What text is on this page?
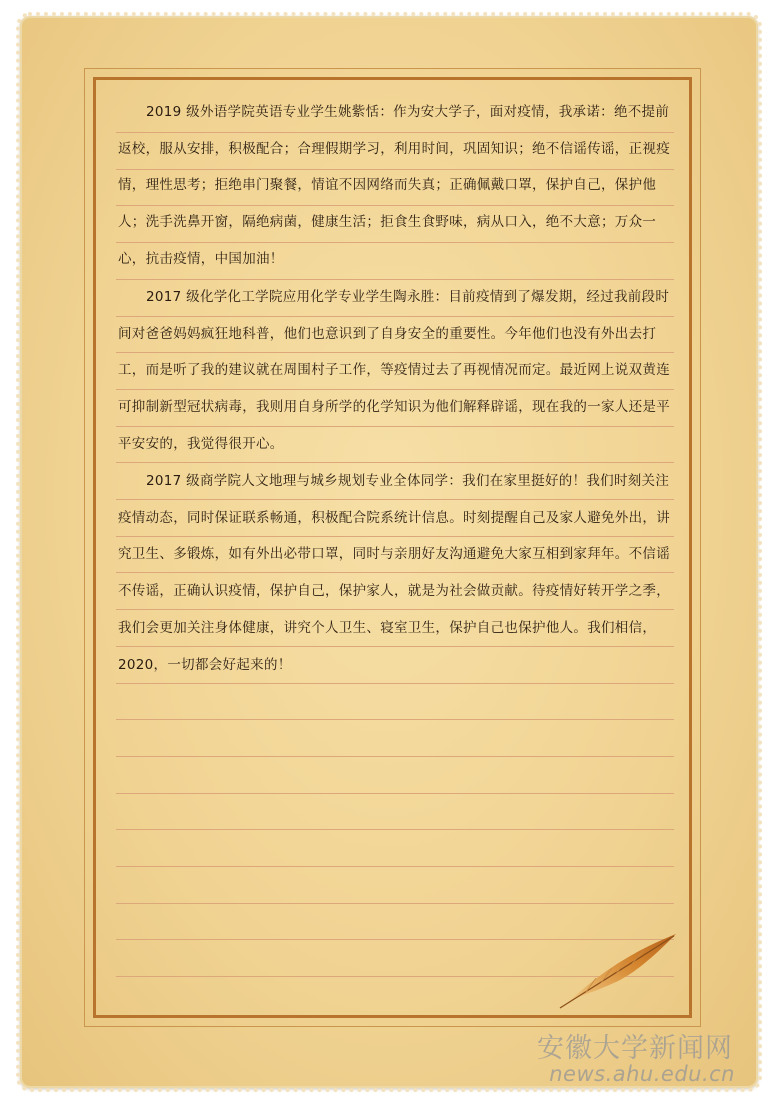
2019 级外语学院英语专业学生姚紫恬：作为安大学子，面对疫情，我承诺：绝不提前返校，服从安排，积极配合；合理假期学习，利用时间，巩固知识；绝不信谣传谣，正视疫情，理性思考；拒绝串门聚餐，情谊不因网络而失真；正确佩戴口罩，保护自己，保护他人；洗手洗鼻开窗，隔绝病菌，健康生活；拒食生食野味，病从口入，绝不大意；万众一心，抗击疫情，中国加油！

2017 级化学化工学院应用化学专业学生陶永胜：目前疫情到了爆发期，经过我前段时间对爸爸妈妈疯狂地科普，他们也意识到了自身安全的重要性。今年他们也没有外出去打工，而是听了我的建议就在周围村子工作，等疫情过去了再视情况而定。最近网上说双黄连可抑制新型冠状病毒，我则用自身所学的化学知识为他们解释辟谣，现在我的一家人还是平平安安的，我觉得很开心。

2017 级商学院人文地理与城乡规划专业全体同学：我们在家里挺好的！我们时刻关注疫情动态，同时保证联系畅通，积极配合院系统计信息。时刻提醒自己及家人避免外出，讲究卫生、多锻炼，如有外出必带口罩，同时与亲朋好友沟通避免大家互相到家拜年。不信谣不传谣，正确认识疫情，保护自己，保护家人，就是为社会做贡献。待疫情好转开学之季，我们会更加关注身体健康，讲究个人卫生、寝室卫生，保护自己也保护他人。我们相信，2020，一切都会好起来的！

安徽大学新闻网
news.ahu.edu.cn
